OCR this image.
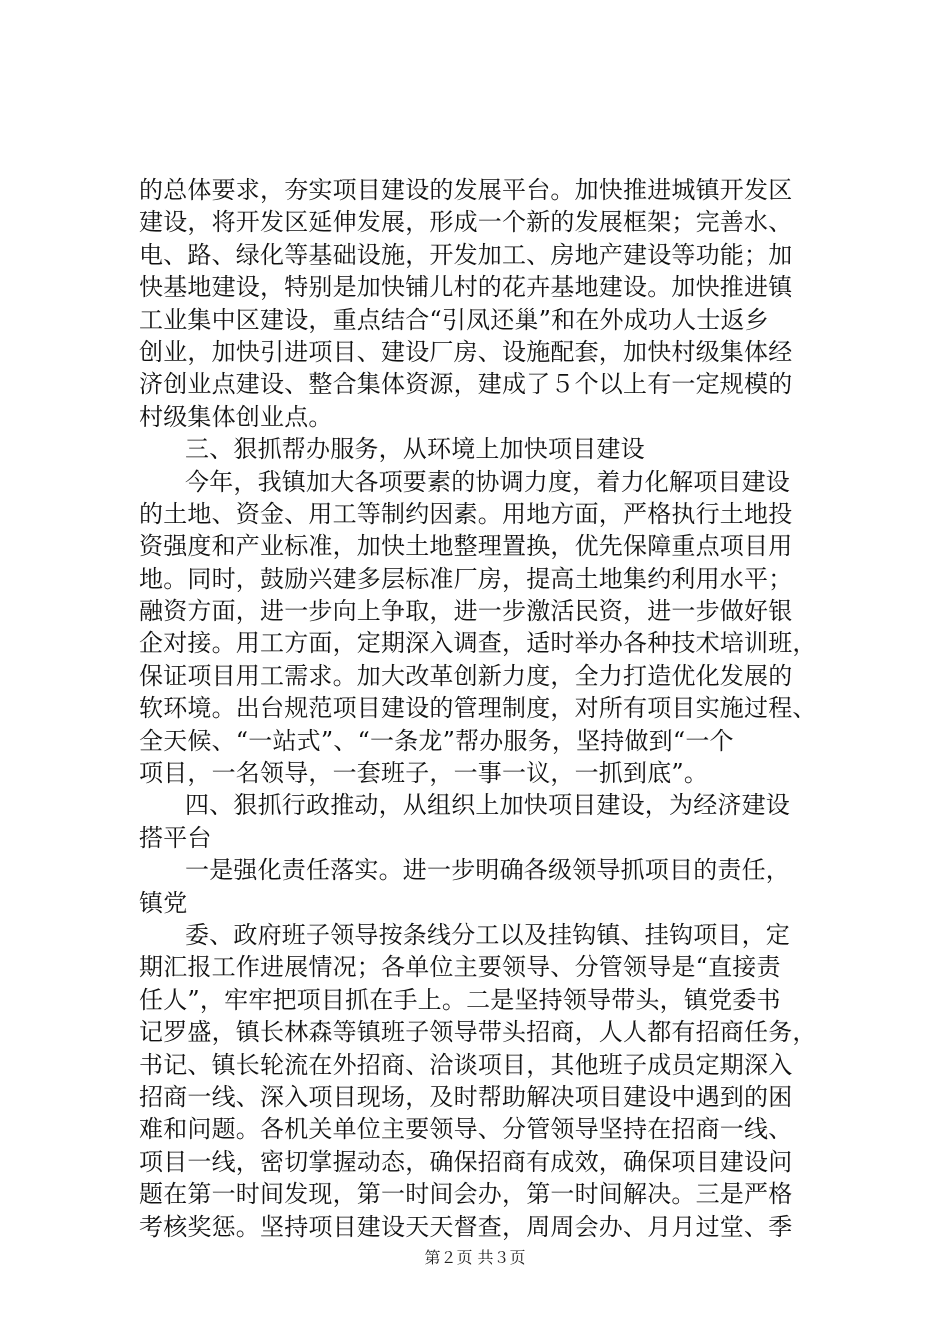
的总体要求，夯实项目建设的发展平台。加快推进城镇开发区
建设，将开发区延伸发展，形成一个新的发展框架；完善水、
电、路、绿化等基础设施，开发加工、房地产建设等功能；加
快基地建设，特别是加快铺儿村的花卉基地建设。加快推进镇
工业集中区建设，重点结合“引凤还巢”和在外成功人士返乡
创业，加快引进项目、建设厂房、设施配套，加快村级集体经
济创业点建设、整合集体资源，建成了５个以上有一定规模的
村级集体创业点。
三、狠抓帮办服务，从环境上加快项目建设
今年，我镇加大各项要素的协调力度，着力化解项目建设
的土地、资金、用工等制约因素。用地方面，严格执行土地投
资强度和产业标准，加快土地整理置换，优先保障重点项目用
地。同时，鼓励兴建多层标准厂房，提高土地集约利用水平；
融资方面，进一步向上争取，进一步激活民资，进一步做好银
企对接。用工方面，定期深入调查，适时举办各种技术培训班，
保证项目用工需求。加大改革创新力度，全力打造优化发展的
软环境。出台规范项目建设的管理制度，对所有项目实施过程、
全天候、“一站式”、“一条龙”帮办服务，坚持做到“一个
项目，一名领导，一套班子，一事一议，一抓到底”。
四、狠抓行政推动，从组织上加快项目建设，为经济建设
搭平台
一是强化责任落实。进一步明确各级领导抓项目的责任，
镇党
委、政府班子领导按条线分工以及挂钩镇、挂钩项目，定
期汇报工作进展情况；各单位主要领导、分管领导是“直接责
任人”，牢牢把项目抓在手上。二是坚持领导带头，镇党委书
记罗盛，镇长林森等镇班子领导带头招商，人人都有招商任务，
书记、镇长轮流在外招商、洽谈项目，其他班子成员定期深入
招商一线、深入项目现场，及时帮助解决项目建设中遇到的困
难和问题。各机关单位主要领导、分管领导坚持在招商一线、
项目一线，密切掌握动态，确保招商有成效，确保项目建设问
题在第一时间发现，第一时间会办，第一时间解决。三是严格
考核奖惩。坚持项目建设天天督查，周周会办、月月过堂、季
第２页 共３页
